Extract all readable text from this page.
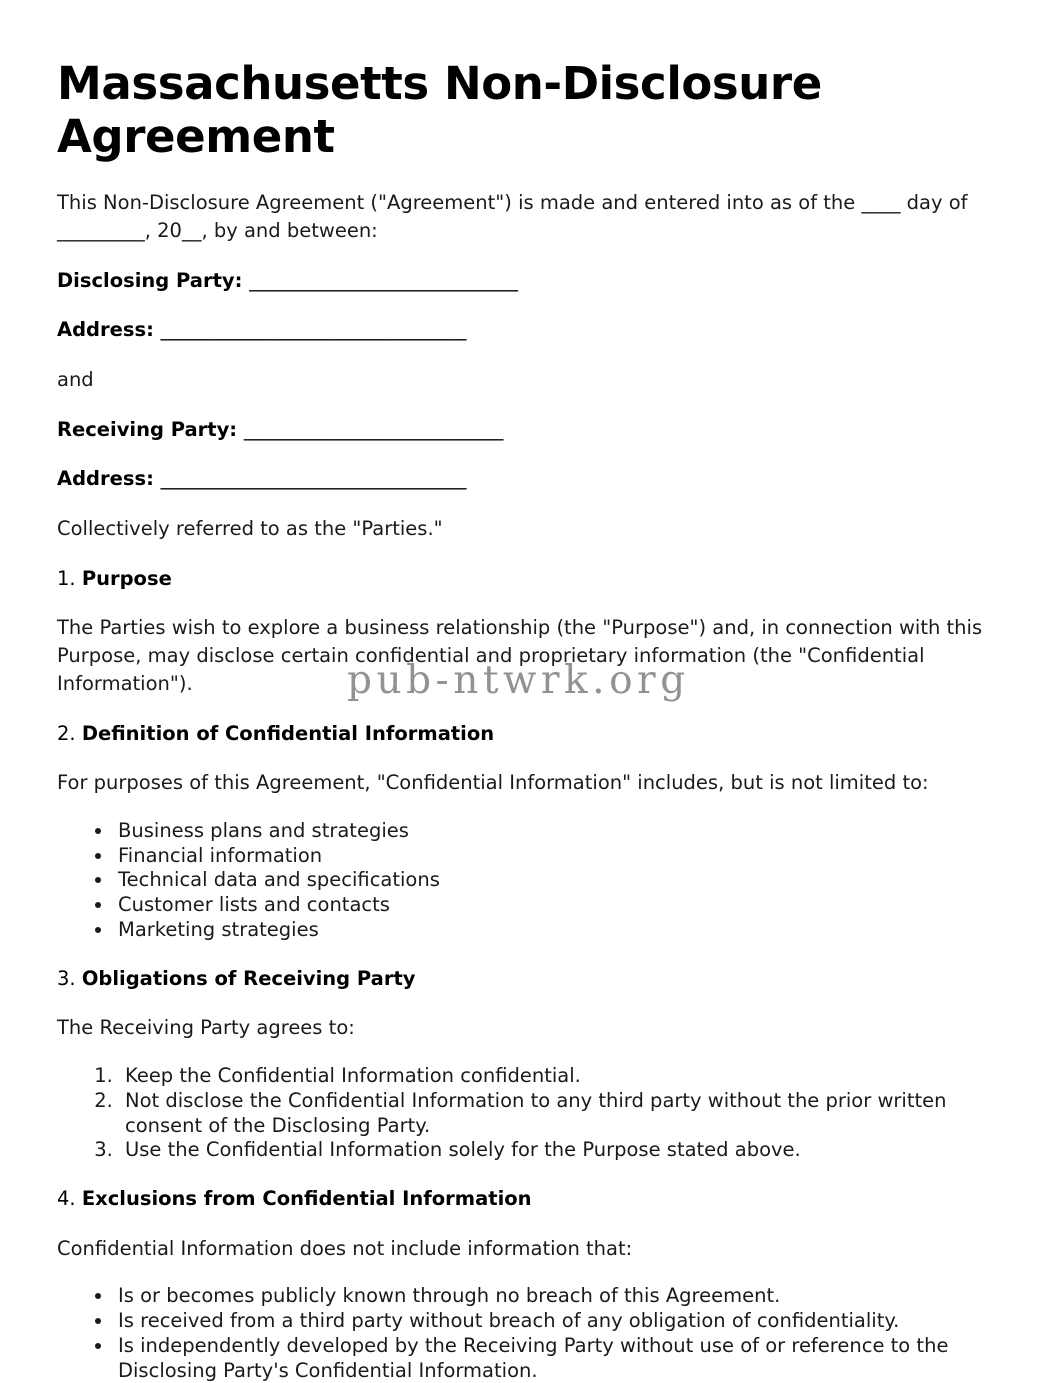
Massachusetts Non-Disclosure Agreement

This Non-Disclosure Agreement ("Agreement") is made and entered into as of the ____ day of _________, 20__, by and between:

Disclosing Party: _____________________________

Address: _________________________________

and

Receiving Party: ____________________________

Address: _________________________________

Collectively referred to as the "Parties."

1. Purpose

The Parties wish to explore a business relationship (the "Purpose") and, in connection with this Purpose, may disclose certain confidential and proprietary information (the "Confidential Information").

2. Definition of Confidential Information

For purposes of this Agreement, "Confidential Information" includes, but is not limited to:

• Business plans and strategies
• Financial information
• Technical data and specifications
• Customer lists and contacts
• Marketing strategies

3. Obligations of Receiving Party

The Receiving Party agrees to:

1. Keep the Confidential Information confidential.
2. Not disclose the Confidential Information to any third party without the prior written consent of the Disclosing Party.
3. Use the Confidential Information solely for the Purpose stated above.

4. Exclusions from Confidential Information

Confidential Information does not include information that:

• Is or becomes publicly known through no breach of this Agreement.
• Is received from a third party without breach of any obligation of confidentiality.
• Is independently developed by the Receiving Party without use of or reference to the Disclosing Party's Confidential Information.
pub-ntwrk.org
